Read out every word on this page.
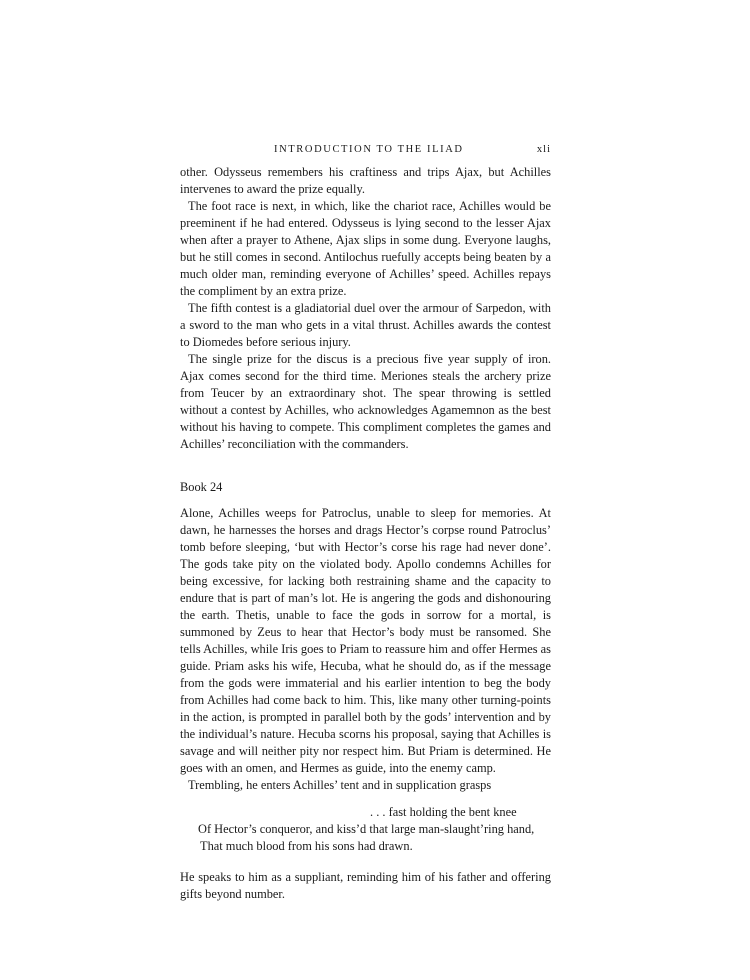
INTRODUCTION TO THE ILIAD	xli

other. Odysseus remembers his craftiness and trips Ajax, but Achilles intervenes to award the prize equally.

The foot race is next, in which, like the chariot race, Achilles would be preeminent if he had entered. Odysseus is lying second to the lesser Ajax when after a prayer to Athene, Ajax slips in some dung. Everyone laughs, but he still comes in second. Antilochus ruefully accepts being beaten by a much older man, reminding everyone of Achilles’ speed. Achilles repays the compliment by an extra prize.

The fifth contest is a gladiatorial duel over the armour of Sarpedon, with a sword to the man who gets in a vital thrust. Achilles awards the contest to Diomedes before serious injury.

The single prize for the discus is a precious five year supply of iron. Ajax comes second for the third time. Meriones steals the archery prize from Teucer by an extraordinary shot. The spear throwing is settled without a contest by Achilles, who acknowledges Agamemnon as the best without his having to compete. This compliment completes the games and Achilles’ reconciliation with the commanders.

Book 24

Alone, Achilles weeps for Patroclus, unable to sleep for memories. At dawn, he harnesses the horses and drags Hector’s corpse round Patroclus’ tomb before sleeping, ‘but with Hector’s corse his rage had never done’. The gods take pity on the violated body. Apollo condemns Achilles for being excessive, for lacking both restraining shame and the capacity to endure that is part of man’s lot. He is angering the gods and dishonouring the earth. Thetis, unable to face the gods in sorrow for a mortal, is summoned by Zeus to hear that Hector’s body must be ransomed. She tells Achilles, while Iris goes to Priam to reassure him and offer Hermes as guide. Priam asks his wife, Hecuba, what he should do, as if the message from the gods were immaterial and his earlier intention to beg the body from Achilles had come back to him. This, like many other turning-points in the action, is prompted in parallel both by the gods’ intervention and by the individual’s nature. Hecuba scorns his proposal, saying that Achilles is savage and will neither pity nor respect him. But Priam is determined. He goes with an omen, and Hermes as guide, into the enemy camp.

Trembling, he enters Achilles’ tent and in supplication grasps

. . . fast holding the bent knee
Of Hector’s conqueror, and kiss’d that large man-slaught’ring hand,
That much blood from his sons had drawn.

He speaks to him as a suppliant, reminding him of his father and offering gifts beyond number.
